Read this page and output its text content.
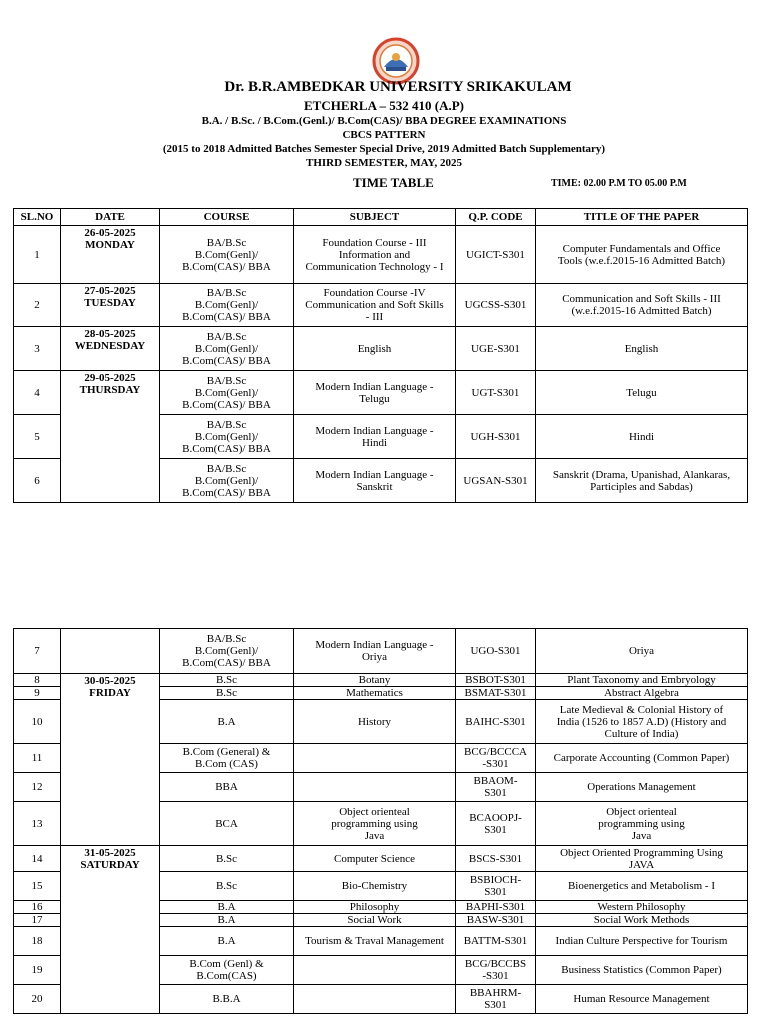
Dr. B.R.AMBEDKAR UNIVERSITY SRIKAKULAM
ETCHERLA – 532 410 (A.P)
B.A. / B.Sc. / B.Com.(Genl.)/ B.Com(CAS)/ BBA DEGREE EXAMINATIONS
CBCS PATTERN
(2015 to 2018 Admitted Batches Semester Special Drive, 2019 Admitted Batch Supplementary)
THIRD SEMESTER, MAY, 2025
TIME TABLE	TIME: 02.00 P.M TO 05.00 P.M
SL.NO	DATE	COURSE	SUBJECT	Q.P. CODE	TITLE OF THE PAPER
1	26-05-2025
MONDAY	BA/B.Sc
B.Com(Genl)/
B.Com(CAS)/ BBA	Foundation Course - III
Information and
Communication Technology - I	UGICT-S301	Computer Fundamentals and Office
Tools (w.e.f.2015-16 Admitted Batch)
2	27-05-2025
TUESDAY	BA/B.Sc
B.Com(Genl)/
B.Com(CAS)/ BBA	Foundation Course -IV
Communication and Soft Skills
- III	UGCSS-S301	Communication and Soft Skills - III
(w.e.f.2015-16 Admitted Batch)
3	28-05-2025
WEDNESDAY	BA/B.Sc
B.Com(Genl)/
B.Com(CAS)/ BBA	English	UGE-S301	English
4	29-05-2025
THURSDAY	BA/B.Sc
B.Com(Genl)/
B.Com(CAS)/ BBA	Modern Indian Language -
Telugu	UGT-S301	Telugu
5		BA/B.Sc
B.Com(Genl)/
B.Com(CAS)/ BBA	Modern Indian Language -
Hindi	UGH-S301	Hindi
6		BA/B.Sc
B.Com(Genl)/
B.Com(CAS)/ BBA	Modern Indian Language -
Sanskrit	UGSAN-S301	Sanskrit (Drama, Upanishad, Alankaras,
Participles and Sabdas)
7		BA/B.Sc
B.Com(Genl)/
B.Com(CAS)/ BBA	Modern Indian Language -
Oriya	UGO-S301	Oriya
8	30-05-2025
FRIDAY	B.Sc	Botany	BSBOT-S301	Plant Taxonomy and Embryology
9		B.Sc	Mathematics	BSMAT-S301	Abstract Algebra
10		B.A	History	BAIHC-S301	Late Medieval & Colonial History of
India (1526 to 1857 A.D) (History and
Culture of India)
11		B.Com (General) &
B.Com (CAS)		BCG/BCCCA
-S301	Carporate Accounting (Common Paper)
12		BBA		BBAOM-
S301	Operations Management
13		BCA	Object orienteal
programming using
Java	BCAOOPJ-
S301	Object orienteal
programming using
Java
14	31-05-2025
SATURDAY	B.Sc	Computer Science	BSCS-S301	Object Oriented Programming Using
JAVA
15		B.Sc	Bio-Chemistry	BSBIOCH-
S301	Bioenergetics and Metabolism - I
16		B.A	Philosophy	BAPHI-S301	Western Philosophy
17		B.A	Social Work	BASW-S301	Social Work Methods
18		B.A	Tourism & Traval Management	BATTM-S301	Indian Culture Perspective for Tourism
19		B.Com (Genl) &
B.Com(CAS)		BCG/BCCBS
-S301	Business Statistics (Common Paper)
20		B.B.A		BBAHRM-
S301	Human Resource Management
